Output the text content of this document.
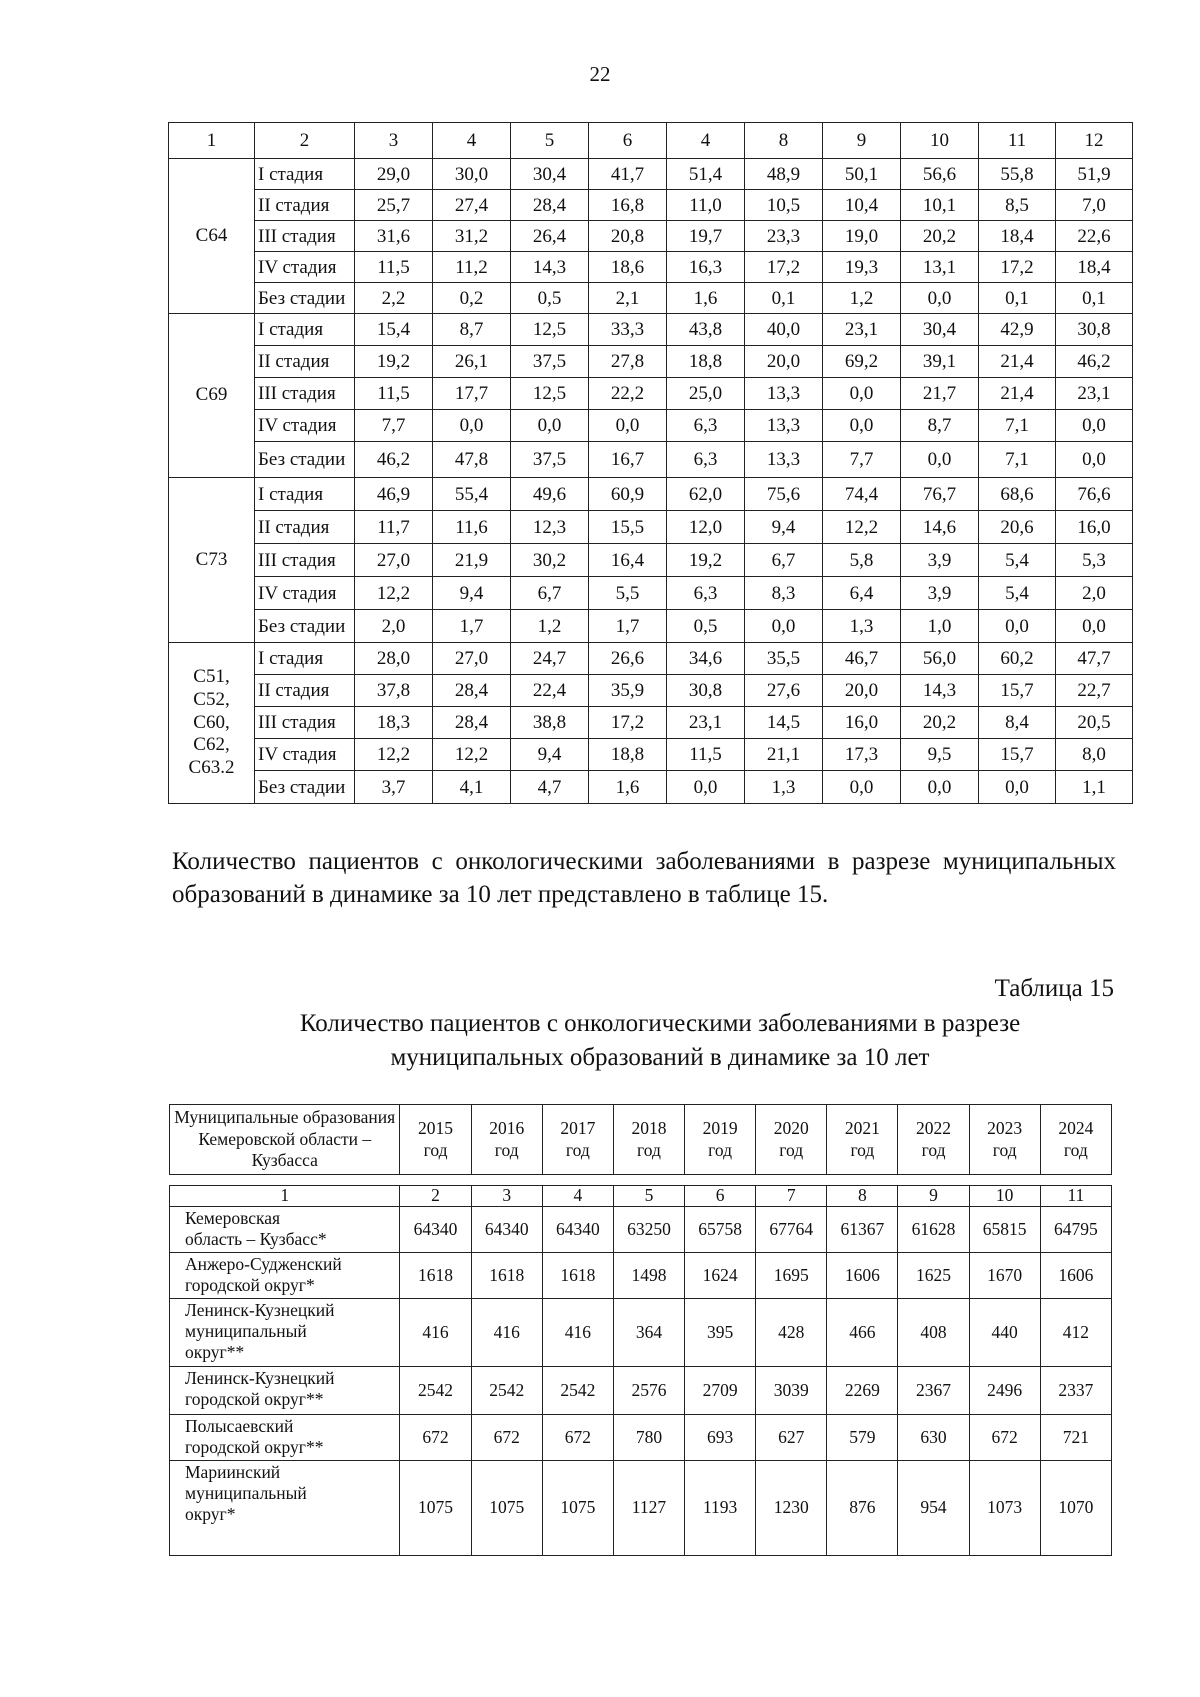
22
1	2	3	4	5	6	4	8	9	10	11	12

C64	I стадия	29,0	30,0	30,4	41,7	51,4	48,9	50,1	56,6	55,8	51,9
	II стадия	25,7	27,4	28,4	16,8	11,0	10,5	10,4	10,1	8,5	7,0
	III стадия	31,6	31,2	26,4	20,8	19,7	23,3	19,0	20,2	18,4	22,6
	IV стадия	11,5	11,2	14,3	18,6	16,3	17,2	19,3	13,1	17,2	18,4
	Без стадии	2,2	0,2	0,5	2,1	1,6	0,1	1,2	0,0	0,1	0,1

C69	I стадия	15,4	8,7	12,5	33,3	43,8	40,0	23,1	30,4	42,9	30,8
	II стадия	19,2	26,1	37,5	27,8	18,8	20,0	69,2	39,1	21,4	46,2
	III стадия	11,5	17,7	12,5	22,2	25,0	13,3	0,0	21,7	21,4	23,1
	IV стадия	7,7	0,0	0,0	0,0	6,3	13,3	0,0	8,7	7,1	0,0
	Без стадии	46,2	47,8	37,5	16,7	6,3	13,3	7,7	0,0	7,1	0,0

C73	I стадия	46,9	55,4	49,6	60,9	62,0	75,6	74,4	76,7	68,6	76,6
	II стадия	11,7	11,6	12,3	15,5	12,0	9,4	12,2	14,6	20,6	16,0
	III стадия	27,0	21,9	30,2	16,4	19,2	6,7	5,8	3,9	5,4	5,3
	IV стадия	12,2	9,4	6,7	5,5	6,3	8,3	6,4	3,9	5,4	2,0
	Без стадии	2,0	1,7	1,2	1,7	0,5	0,0	1,3	1,0	0,0	0,0

C51,
C52,
C60,
C62,
C63.2	I стадия	28,0	27,0	24,7	26,6	34,6	35,5	46,7	56,0	60,2	47,7
	II стадия	37,8	28,4	22,4	35,9	30,8	27,6	20,0	14,3	15,7	22,7
	III стадия	18,3	28,4	38,8	17,2	23,1	14,5	16,0	20,2	8,4	20,5
	IV стадия	12,2	12,2	9,4	18,8	11,5	21,1	17,3	9,5	15,7	8,0
	Без стадии	3,7	4,1	4,7	1,6	0,0	1,3	0,0	0,0	0,0	1,1
Количество пациентов с онкологическими заболеваниями в разрезе муниципальных образований в динамике за 10 лет представлено в таблице 15.
Таблица 15
Количество пациентов с онкологическими заболеваниями в разрезе
муниципальных образований в динамике за 10 лет
Муниципальные образования Кемеровской области – Кузбасса	2015 год	2016 год	2017 год	2018 год	2019 год	2020 год	2021 год	2022 год	2023 год	2024 год
1	2	3	4	5	6	7	8	9	10	11

Кемеровская
область – Кузбасс*	64340	64340	64340	63250	65758	67764	61367	61628	65815	64795

Анжеро-Судженский
городской округ*	1618	1618	1618	1498	1624	1695	1606	1625	1670	1606

Ленинск-Кузнецкий
муниципальный
округ**	416	416	416	364	395	428	466	408	440	412

Ленинск-Кузнецкий
городской округ**	2542	2542	2542	2576	2709	3039	2269	2367	2496	2337

Полысаевский
городской округ**	672	672	672	780	693	627	579	630	672	721

Мариинский
муниципальный
округ*	1075	1075	1075	1127	1193	1230	876	954	1073	1070
